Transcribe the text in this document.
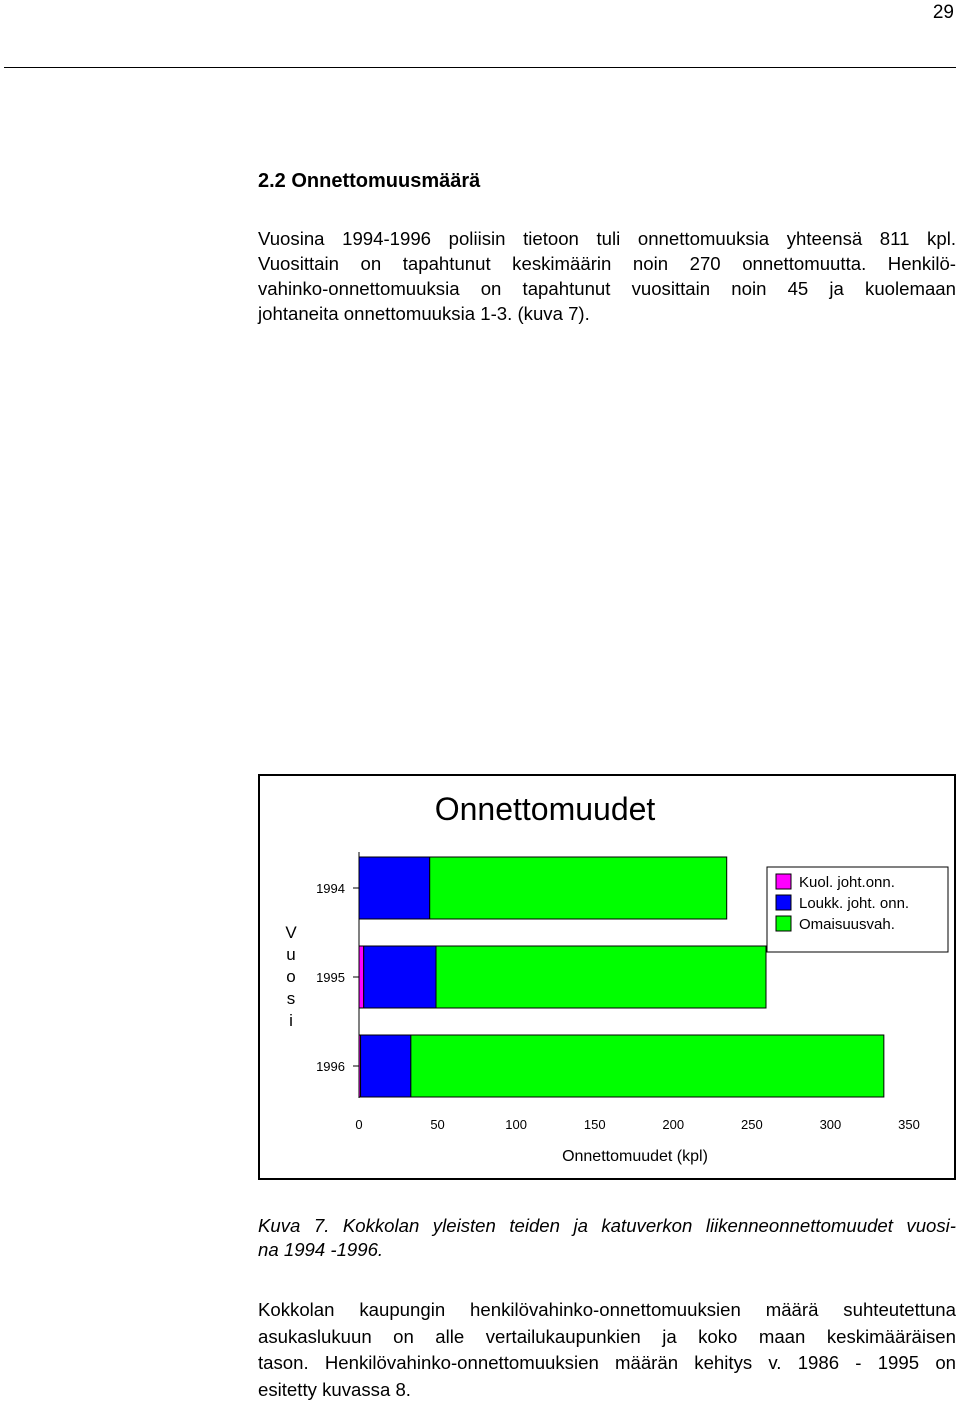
29
2.2 Onnettomuusmäärä

Vuosina 1994-1996 poliisin tietoon tuli onnettomuuksia yhteensä 811 kpl.
Vuosittain on tapahtunut keskimäärin noin 270 onnettomuutta. Henkilö-
vahinko-onnettomuuksia on tapahtunut vuosittain noin 45 ja kuolemaan
johtaneita onnettomuuksia 1-3. (kuva 7).

Onnettomuudet
V
u
o
s
i
1994
1995
1996
0	50	100	150	200	250	300	350
Onnettomuudet (kpl)
Kuol. joht.onn.
Loukk. joht. onn.
Omaisuusvah.

Kuva 7. Kokkolan yleisten teiden ja katuverkon liikenneonnettomuudet vuosi-
na 1994 -1996.

Kokkolan kaupungin henkilövahinko-onnettomuuksien määrä suhteutettuna
asukaslukuun on alle vertailukaupunkien ja koko maan keskimääräisen
tason. Henkilövahinko-onnettomuuksien määrän kehitys v. 1986 - 1995 on
esitetty kuvassa 8.
